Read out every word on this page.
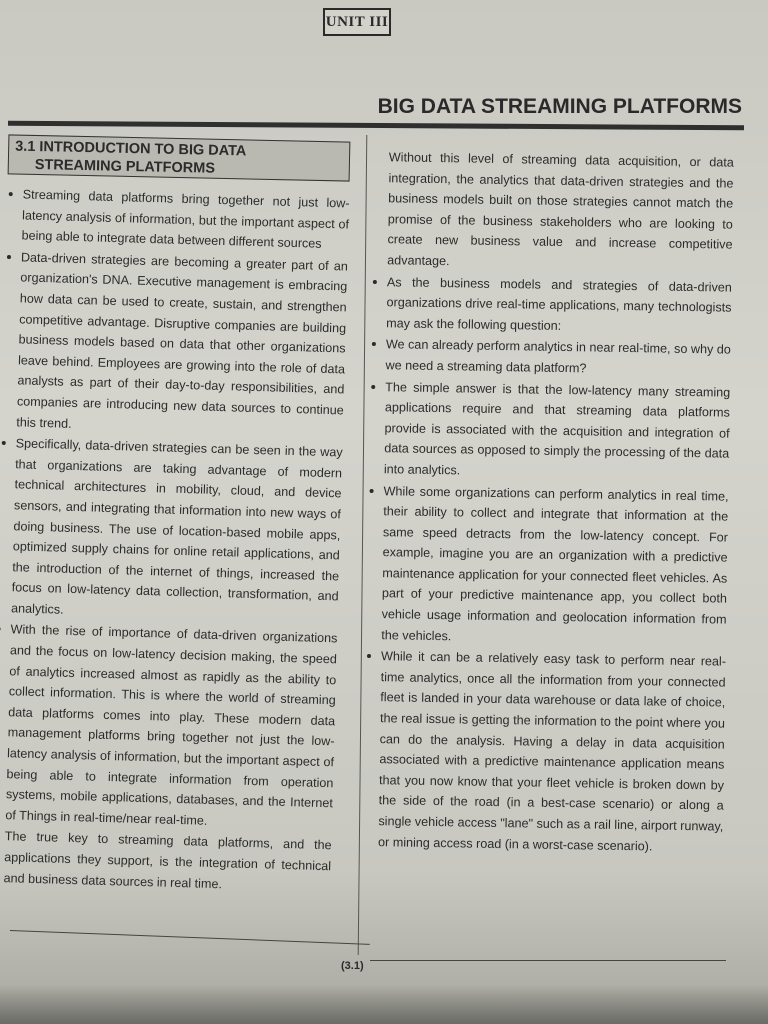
UNIT III
BIG DATA STREAMING PLATFORMS
3.1 INTRODUCTION TO BIG DATA
STREAMING PLATFORMS

Streaming data platforms bring together not just low-latency analysis of information, but the important aspect of being able to integrate data between different sources

Data-driven strategies are becoming a greater part of an organization's DNA. Executive management is embracing how data can be used to create, sustain, and strengthen competitive advantage. Disruptive companies are building business models based on data that other organizations leave behind. Employees are growing into the role of data analysts as part of their day-to-day responsibilities, and companies are introducing new data sources to continue this trend.

Specifically, data-driven strategies can be seen in the way that organizations are taking advantage of modern technical architectures in mobility, cloud, and device sensors, and integrating that information into new ways of doing business. The use of location-based mobile apps, optimized supply chains for online retail applications, and the introduction of the internet of things, increased the focus on low-latency data collection, transformation, and analytics.

With the rise of importance of data-driven organizations and the focus on low-latency decision making, the speed of analytics increased almost as rapidly as the ability to collect information. This is where the world of streaming data platforms comes into play. These modern data management platforms bring together not just the low-latency analysis of information, but the important aspect of being able to integrate information from operation systems, mobile applications, databases, and the Internet of Things in real-time/near real-time.

The true key to streaming data platforms, and the applications they support, is the integration of technical and business data sources in real time.

Without this level of streaming data acquisition, or data integration, the analytics that data-driven strategies and the business models built on those strategies cannot match the promise of the business stakeholders who are looking to create new business value and increase competitive advantage.

As the business models and strategies of data-driven organizations drive real-time applications, many technologists may ask the following question:

We can already perform analytics in near real-time, so why do we need a streaming data platform?

The simple answer is that the low-latency many streaming applications require and that streaming data platforms provide is associated with the acquisition and integration of data sources as opposed to simply the processing of the data into analytics.

While some organizations can perform analytics in real time, their ability to collect and integrate that information at the same speed detracts from the low-latency concept. For example, imagine you are an organization with a predictive maintenance application for your connected fleet vehicles. As part of your predictive maintenance app, you collect both vehicle usage information and geolocation information from the vehicles.

While it can be a relatively easy task to perform near real-time analytics, once all the information from your connected fleet is landed in your data warehouse or data lake of choice, the real issue is getting the information to the point where you can do the analysis. Having a delay in data acquisition associated with a predictive maintenance application means that you now know that your fleet vehicle is broken down by the side of the road (in a best-case scenario) or along a single vehicle access "lane" such as a rail line, airport runway, or mining access road (in a worst-case scenario).

(3.1)
